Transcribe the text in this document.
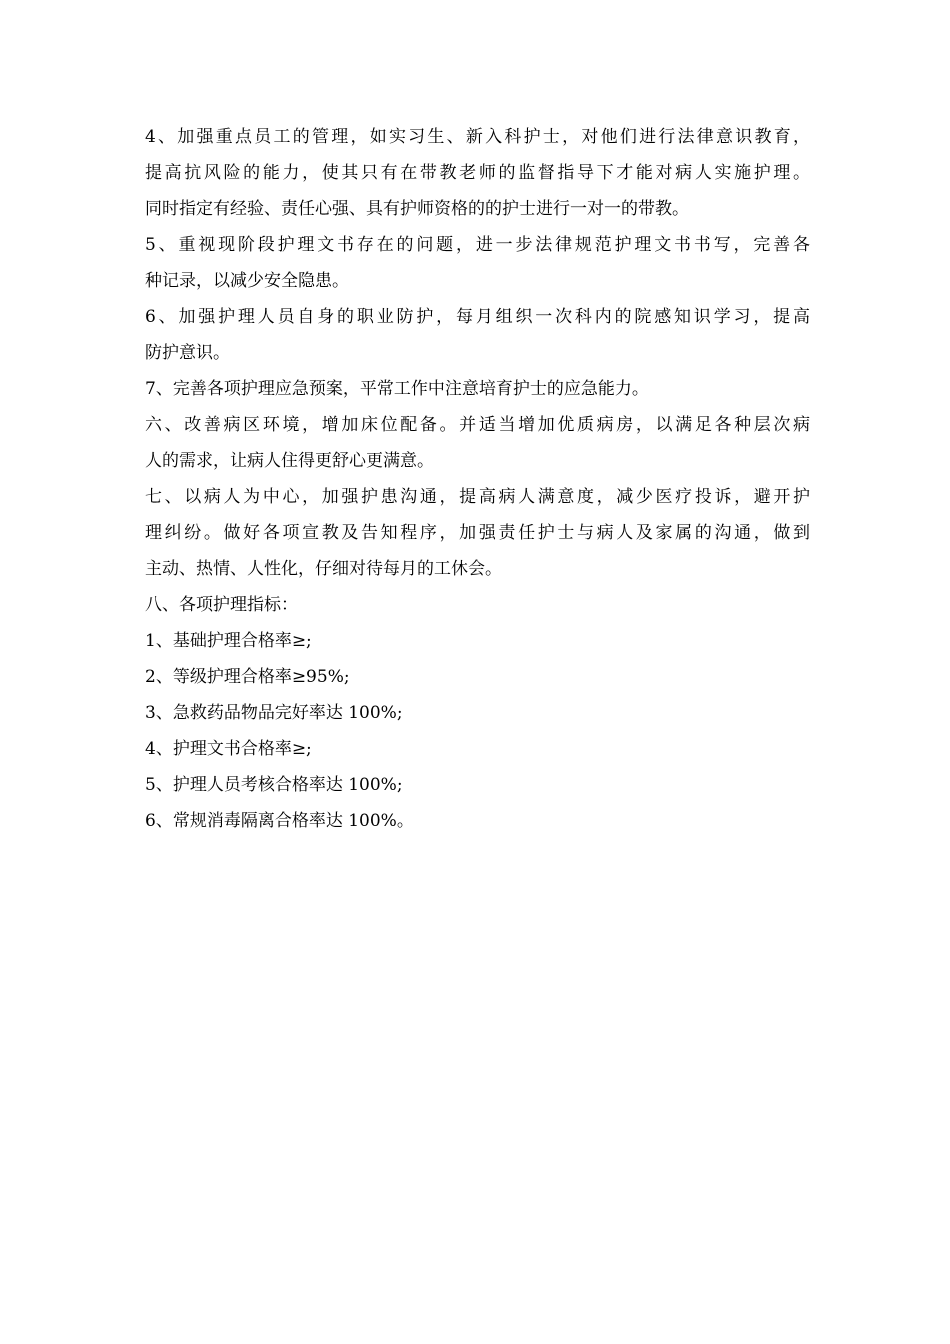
4、加强重点员工的管理，如实习生、新入科护士，对他们进行法律意识教育，

提高抗风险的能力，使其只有在带教老师的监督指导下才能对病人实施护理。

同时指定有经验、责任心强、具有护师资格的的护士进行一对一的带教。

5、重视现阶段护理文书存在的问题，进一步法律规范护理文书书写，完善各

种记录，以减少安全隐患。

6、加强护理人员自身的职业防护，每月组织一次科内的院感知识学习，提高

防护意识。

7、完善各项护理应急预案，平常工作中注意培育护士的应急能力。

六、改善病区环境，增加床位配备。并适当增加优质病房，以满足各种层次病

人的需求，让病人住得更舒心更满意。

七、以病人为中心，加强护患沟通，提高病人满意度，减少医疗投诉，避开护

理纠纷。做好各项宣教及告知程序，加强责任护士与病人及家属的沟通，做到

主动、热情、人性化，仔细对待每月的工休会。

八、各项护理指标：

1、基础护理合格率≥;

2、等级护理合格率≥95%;

3、急救药品物品完好率达 100%;

4、护理文书合格率≥;

5、护理人员考核合格率达 100%;

6、常规消毒隔离合格率达 100%。
